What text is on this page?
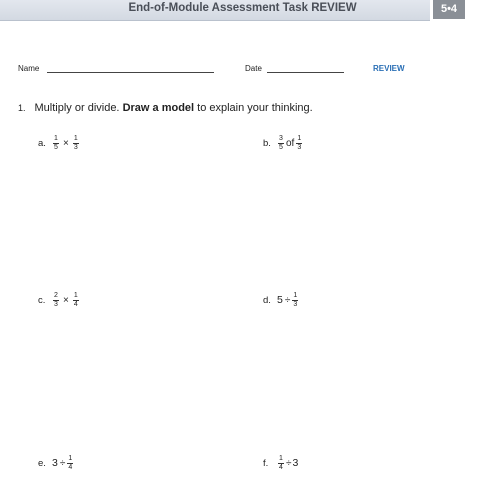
End-of-Module Assessment Task REVIEW	5•4
Name	Date	REVIEW
1. Multiply or divide. Draw a model to explain your thinking.
a.	$\frac{1}{5} \times \frac{1}{3}$	b.	$\frac{3}{5}$ of $\frac{1}{3}$
c.	$\frac{2}{3} \times \frac{1}{4}$	d. $5 \div \frac{1}{3}$
e. $3 \div \frac{1}{4}$	f.	$\frac{1}{4} \div 3$
